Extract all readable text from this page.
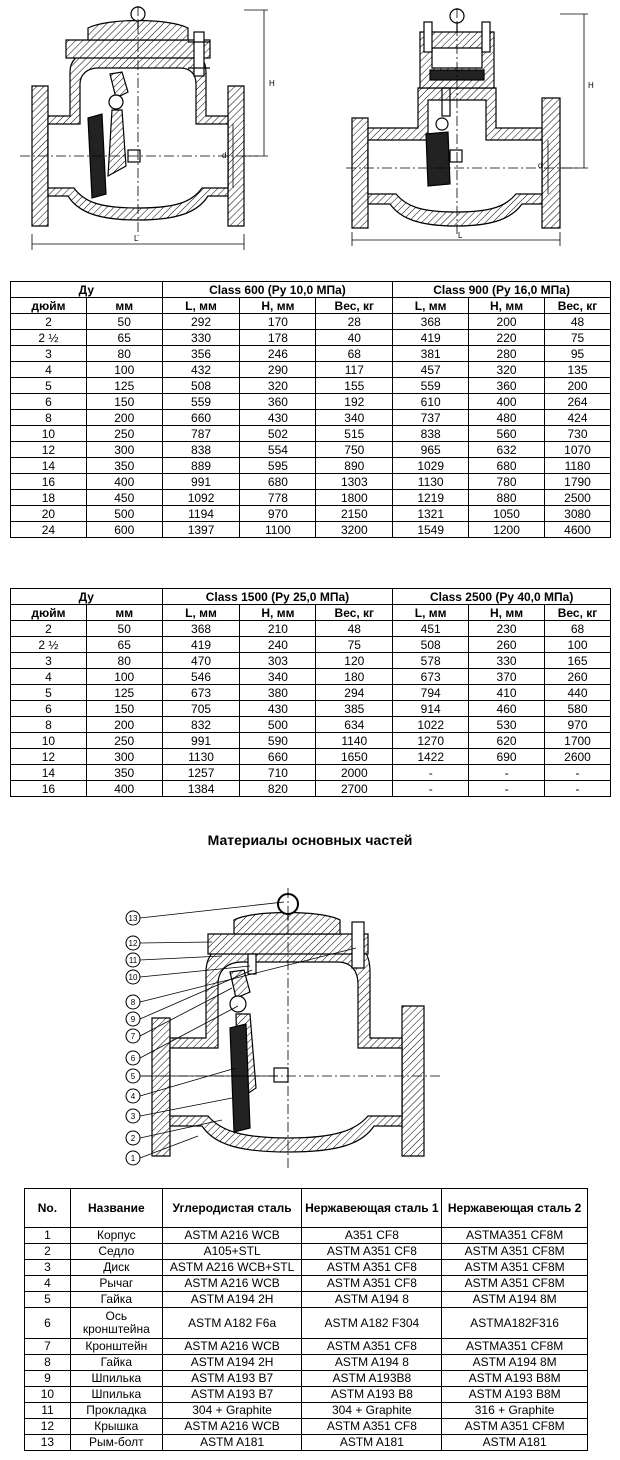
H
d
L
H
d
L
Ду		Class 600 (Ру 10,0 МПа)			Class 900 (Ру 16,0 МПа)		
дюйм	мм	L, мм	H, мм	Вес, кг	L, мм	H, мм	Вес, кг
2	50	292	170	28	368	200	48
2 ½	65	330	178	40	419	220	75
3	80	356	246	68	381	280	95
4	100	432	290	117	457	320	135
5	125	508	320	155	559	360	200
6	150	559	360	192	610	400	264
8	200	660	430	340	737	480	424
10	250	787	502	515	838	560	730
12	300	838	554	750	965	632	1070
14	350	889	595	890	1029	680	1180
16	400	991	680	1303	1130	780	1790
18	450	1092	778	1800	1219	880	2500
20	500	1194	970	2150	1321	1050	3080
24	600	1397	1100	3200	1549	1200	4600
Ду		Class 1500 (Ру 25,0 МПа)			Class 2500 (Ру 40,0 МПа)		
дюйм	мм	L, мм	H, мм	Вес, кг	L, мм	H, мм	Вес, кг
2	50	368	210	48	451	230	68
2 ½	65	419	240	75	508	260	100
3	80	470	303	120	578	330	165
4	100	546	340	180	673	370	260
5	125	673	380	294	794	410	440
6	150	705	430	385	914	460	580
8	200	832	500	634	1022	530	970
10	250	991	590	1140	1270	620	1700
12	300	1130	660	1650	1422	690	2600
14	350	1257	710	2000	-	-	-
16	400	1384	820	2700	-	-	-
Материалы основных частей
13
12
11
10
8
9
7
6
5
4
3
2
1
No.	Название	Углеродистая сталь	Нержавеющая сталь 1	Нержавеющая сталь 2
1	Корпус	ASTM A216 WCB	A351 CF8	ASTMA351 CF8M
2	Седло	A105+STL	ASTM A351 CF8	ASTM A351 CF8M
3	Диск	ASTM A216 WCB+STL	ASTM A351 CF8	ASTM A351 CF8M
4	Рычаг	ASTM A216 WCB	ASTM A351 CF8	ASTM A351 CF8M
5	Гайка	ASTM A194 2H	ASTM A194 8	ASTM A194 8M
6	Ось кронштейна	ASTM A182 F6a	ASTM A182 F304	ASTMA182F316
7	Кронштейн	ASTM A216 WCB	ASTM A351 CF8	ASTMA351 CF8M
8	Гайка	ASTM A194 2H	ASTM A194 8	ASTM A194 8M
9	Шпилька	ASTM A193 B7	ASTM A193B8	ASTM A193 B8M
10	Шпилька	ASTM A193 B7	ASTM A193 B8	ASTM A193 B8M
11	Прокладка	304 + Graphite	304 + Graphite	316 + Graphite
12	Крышка	ASTM A216 WCB	ASTM A351 CF8	ASTM A351 CF8M
13	Рым-болт	ASTM A181	ASTM A181	ASTM A181
